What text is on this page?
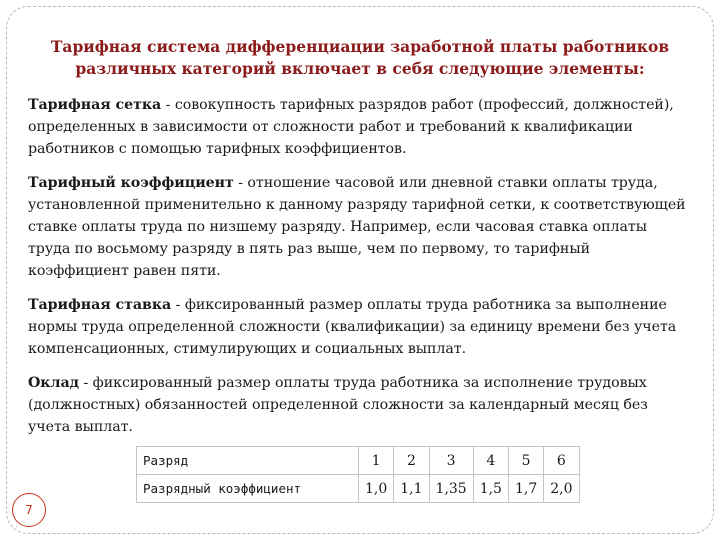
Тарифная система дифференциации заработной платы работников
различных категорий включает в себя следующие элементы:

Тарифная сетка - совокупность тарифных разрядов работ (профессий, должностей), определенных в зависимости от сложности работ и требований к квалификации работников с помощью тарифных коэффициентов.

Тарифный коэффициент - отношение часовой или дневной ставки оплаты труда, установленной применительно к данному разряду тарифной сетки, к соответствующей ставке оплаты труда по низшему разряду. Например, если часовая ставка оплаты труда по восьмому разряду в пять раз выше, чем по первому, то тарифный коэффициент равен пяти.

Тарифная ставка - фиксированный размер оплаты труда работника за выполнение нормы труда определенной сложности (квалификации) за единицу времени без учета компенсационных, стимулирующих и социальных выплат.

Оклад - фиксированный размер оплаты труда работника за исполнение трудовых (должностных) обязанностей определенной сложности за календарный месяц без учета выплат.

Разряд	1	2	3	4	5	6
Разрядный коэффициент	1,0	1,1	1,35	1,5	1,7	2,0
7
